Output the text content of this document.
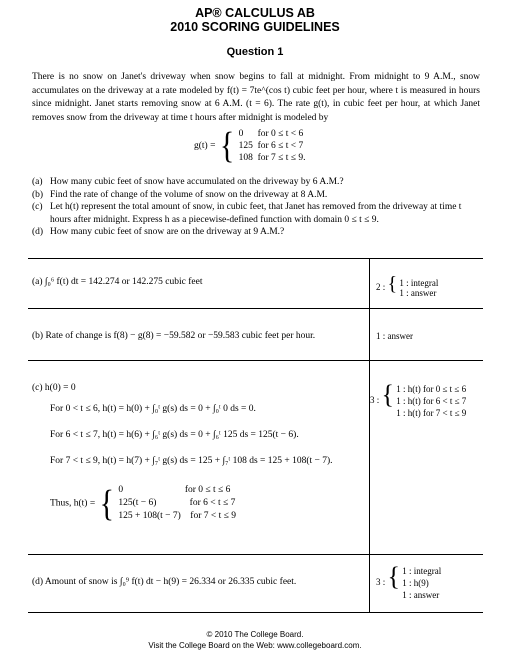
AP® CALCULUS AB
2010 SCORING GUIDELINES
Question 1
There is no snow on Janet's driveway when snow begins to fall at midnight. From midnight to 9 A.M., snow accumulates on the driveway at a rate modeled by f(t) = 7te^(cos t) cubic feet per hour, where t is measured in hours since midnight. Janet starts removing snow at 6 A.M. (t = 6). The rate g(t), in cubic feet per hour, at which Janet removes snow from the driveway at time t hours after midnight is modeled by
g(t) = { 0      for 0 ≤ t < 6
125  for 6 ≤ t < 7
108  for 7 ≤ t ≤ 9.
(a) How many cubic feet of snow have accumulated on the driveway by 6 A.M.?
(b) Find the rate of change of the volume of snow on the driveway at 8 A.M.
(c) Let h(t) represent the total amount of snow, in cubic feet, that Janet has removed from the driveway at time t hours after midnight. Express h as a piecewise-defined function with domain 0 ≤ t ≤ 9.
(d) How many cubic feet of snow are on the driveway at 9 A.M.?
(a) ∫₀⁶ f(t) dt = 142.274 or 142.275 cubic feet	2 : { 1 : integral
1 : answer
(b) Rate of change is f(8) − g(8) = −59.582 or −59.583 cubic feet per hour.	1 : answer
(c) h(0) = 0
For 0 < t ≤ 6, h(t) = h(0) + ∫₀ᵗ g(s) ds = 0 + ∫₀ᵗ 0 ds = 0.
For 6 < t ≤ 7, h(t) = h(6) + ∫₆ᵗ g(s) ds = 0 + ∫₆ᵗ 125 ds = 125(t − 6).
For 7 < t ≤ 9, h(t) = h(7) + ∫₇ᵗ g(s) ds = 125 + ∫₇ᵗ 108 ds = 125 + 108(t − 7).
Thus, h(t) = { 0                          for 0 ≤ t ≤ 6
125(t − 6)              for 6 < t ≤ 7
125 + 108(t − 7)    for 7 < t ≤ 9
3 : { 1 : h(t) for 0 ≤ t ≤ 6
1 : h(t) for 6 < t ≤ 7
1 : h(t) for 7 < t ≤ 9
(d) Amount of snow is ∫₀⁹ f(t) dt − h(9) = 26.334 or 26.335 cubic feet.	3 : { 1 : integral
1 : h(9)
1 : answer
© 2010 The College Board.
Visit the College Board on the Web: www.collegeboard.com.
